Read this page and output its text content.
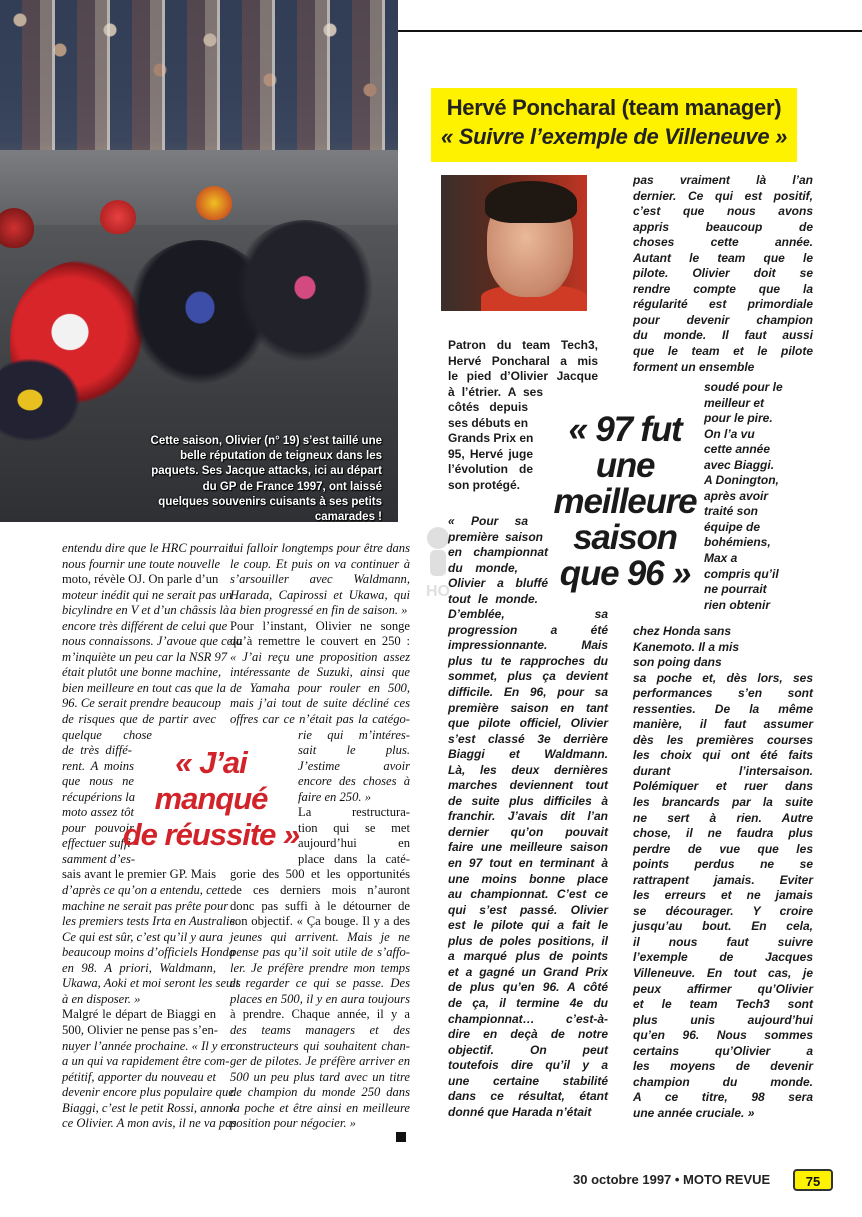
Cette saison, Olivier (n° 19) s’est taillé une belle réputation de teigneux dans les paquets. Ses Jacque attacks, ici au départ du GP de France 1997, ont laissé quelques souvenirs cuisants à ses petits camarades !
Hervé Poncharal (team manager)
« Suivre l’exemple de Villeneuve »
entendu dire que le HRC pourrait
nous fournir une toute nouvelle
moto, révèle OJ. On parle d’un
moteur inédit qui ne serait pas un
bicylindre en V et d’un châssis là
encore très différent de celui que
nous connaissons. J’avoue que cela
m’inquiète un peu car la NSR 97
était plutôt une bonne machine,
bien meilleure en tout cas que la
96. Ce serait prendre beaucoup
de risques que de partir avec
quelque chose
de très diffé-
rent. A moins
que nous ne
récupérions la
moto assez tôt
pour pouvoir
effectuer suffi-
samment d’es-
sais avant le premier GP. Mais
d’après ce qu’on a entendu, cette
machine ne serait pas prête pour
les premiers tests Irta en Australie.
Ce qui est sûr, c’est qu’il y aura
beaucoup moins d’officiels Honda
en 98. A priori, Waldmann,
Ukawa, Aoki et moi seront les seuls
à en disposer. »
Malgré le départ de Biaggi en
500, Olivier ne pense pas s’en-
nuyer l’année prochaine. « Il y en
a un qui va rapidement être com-
pétitif, apporter du nouveau et
devenir encore plus populaire que
Biaggi, c’est le petit Rossi, annon-
ce Olivier. A mon avis, il ne va pas
lui falloir longtemps pour être dans
le coup. Et puis on va continuer à
s’arsouiller avec Waldmann,
Harada, Capirossi et Ukawa, qui
a bien progressé en fin de saison. »
Pour l’instant, Olivier ne songe
qu’à remettre le couvert en 250 :
« J’ai reçu une proposition assez
intéressante de Suzuki, ainsi que
de Yamaha pour rouler en 500,
mais j’ai tout de suite décliné ces
offres car ce n’était pas la catégo-
rie qui m’intéres-
sait le plus.
J’estime avoir
encore des choses à
faire en 250. »
La restructura-
tion qui se met
aujourd’hui en
place dans la caté-
gorie des 500 et les opportunités
de ces derniers mois n’auront
donc pas suffi à le détourner de
son objectif. « Ça bouge. Il y a des
jeunes qui arrivent. Mais je ne
pense pas qu’il soit utile de s’affo-
ler. Je préfère prendre mon temps
et regarder ce qui se passe. Des
places en 500, il y en aura toujours
à prendre. Chaque année, il y a
des teams managers et des
constructeurs qui souhaitent chan-
ger de pilotes. Je préfère arriver en
500 un peu plus tard avec un titre
de champion du monde 250 dans
la poche et être ainsi en meilleure
position pour négocier. »
Patron du team Tech3,
Hervé Poncharal a mis
le pied d’Olivier Jacque
à l’étrier. A ses
côtés depuis
ses débuts en
Grands Prix en
95, Hervé juge
l’évolution de
son protégé.
« Pour sa
première saison
en championnat
du monde,
Olivier a bluffé
tout le monde.
D’emblée, sa
progression a été
impressionnante. Mais
plus tu te rapproches du
sommet, plus ça devient
difficile. En 96, pour sa
première saison en tant
que pilote officiel, Olivier
s’est classé 3e derrière
Biaggi et Waldmann.
Là, les deux dernières
marches deviennent tout
de suite plus difficiles à
franchir. J’avais dit l’an
dernier qu’on pouvait
faire une meilleure saison
en 97 tout en terminant à
une moins bonne place
au championnat. C’est ce
qui s’est passé. Olivier
est le pilote qui a fait le
plus de poles positions, il
a marqué plus de points
et a gagné un Grand Prix
de plus qu’en 96. A côté
de ça, il termine 4e du
championnat… c’est-à-
dire en deçà de notre
objectif. On peut
toutefois dire qu’il y a
une certaine stabilité
dans ce résultat, étant
donné que Harada n’était
pas vraiment là l’an
dernier. Ce qui est positif,
c’est que nous avons
appris beaucoup de
choses cette année.
Autant le team que le
pilote. Olivier doit se
rendre compte que la
régularité est primordiale
pour devenir champion
du monde. Il faut aussi
que le team et le pilote
forment un ensemble
soudé pour le
meilleur et
pour le pire.
On l’a vu
cette année
avec Biaggi.
A Donington,
après avoir
traité son
équipe de
bohémiens,
Max a
compris qu’il
ne pourrait
rien obtenir
chez Honda sans
Kanemoto. Il a mis
son poing dans
sa poche et, dès lors, ses
performances s’en sont
ressenties. De la même
manière, il faut assumer
dès les premières courses
les choix qui ont été faits
durant l’intersaison.
Polémiquer et ruer dans
les brancards par la suite
ne sert à rien. Autre
chose, il ne faudra plus
perdre de vue que les
points perdus ne se
rattrapent jamais. Eviter
les erreurs et ne jamais
se décourager. Y croire
jusqu’au bout. En cela,
il nous faut suivre
l’exemple de Jacques
Villeneuve. En tout cas, je
peux affirmer qu’Olivier
et le team Tech3 sont
plus unis aujourd’hui
qu’en 96. Nous sommes
certains qu’Olivier a
les moyens de devenir
champion du monde.
A ce titre, 98 sera
une année cruciale. »
« J’ai
manqué
de réussite »
« 97 fut
une
meilleure
saison
que 96 »
HO
30 octobre 1997 • MOTO REVUE	75
